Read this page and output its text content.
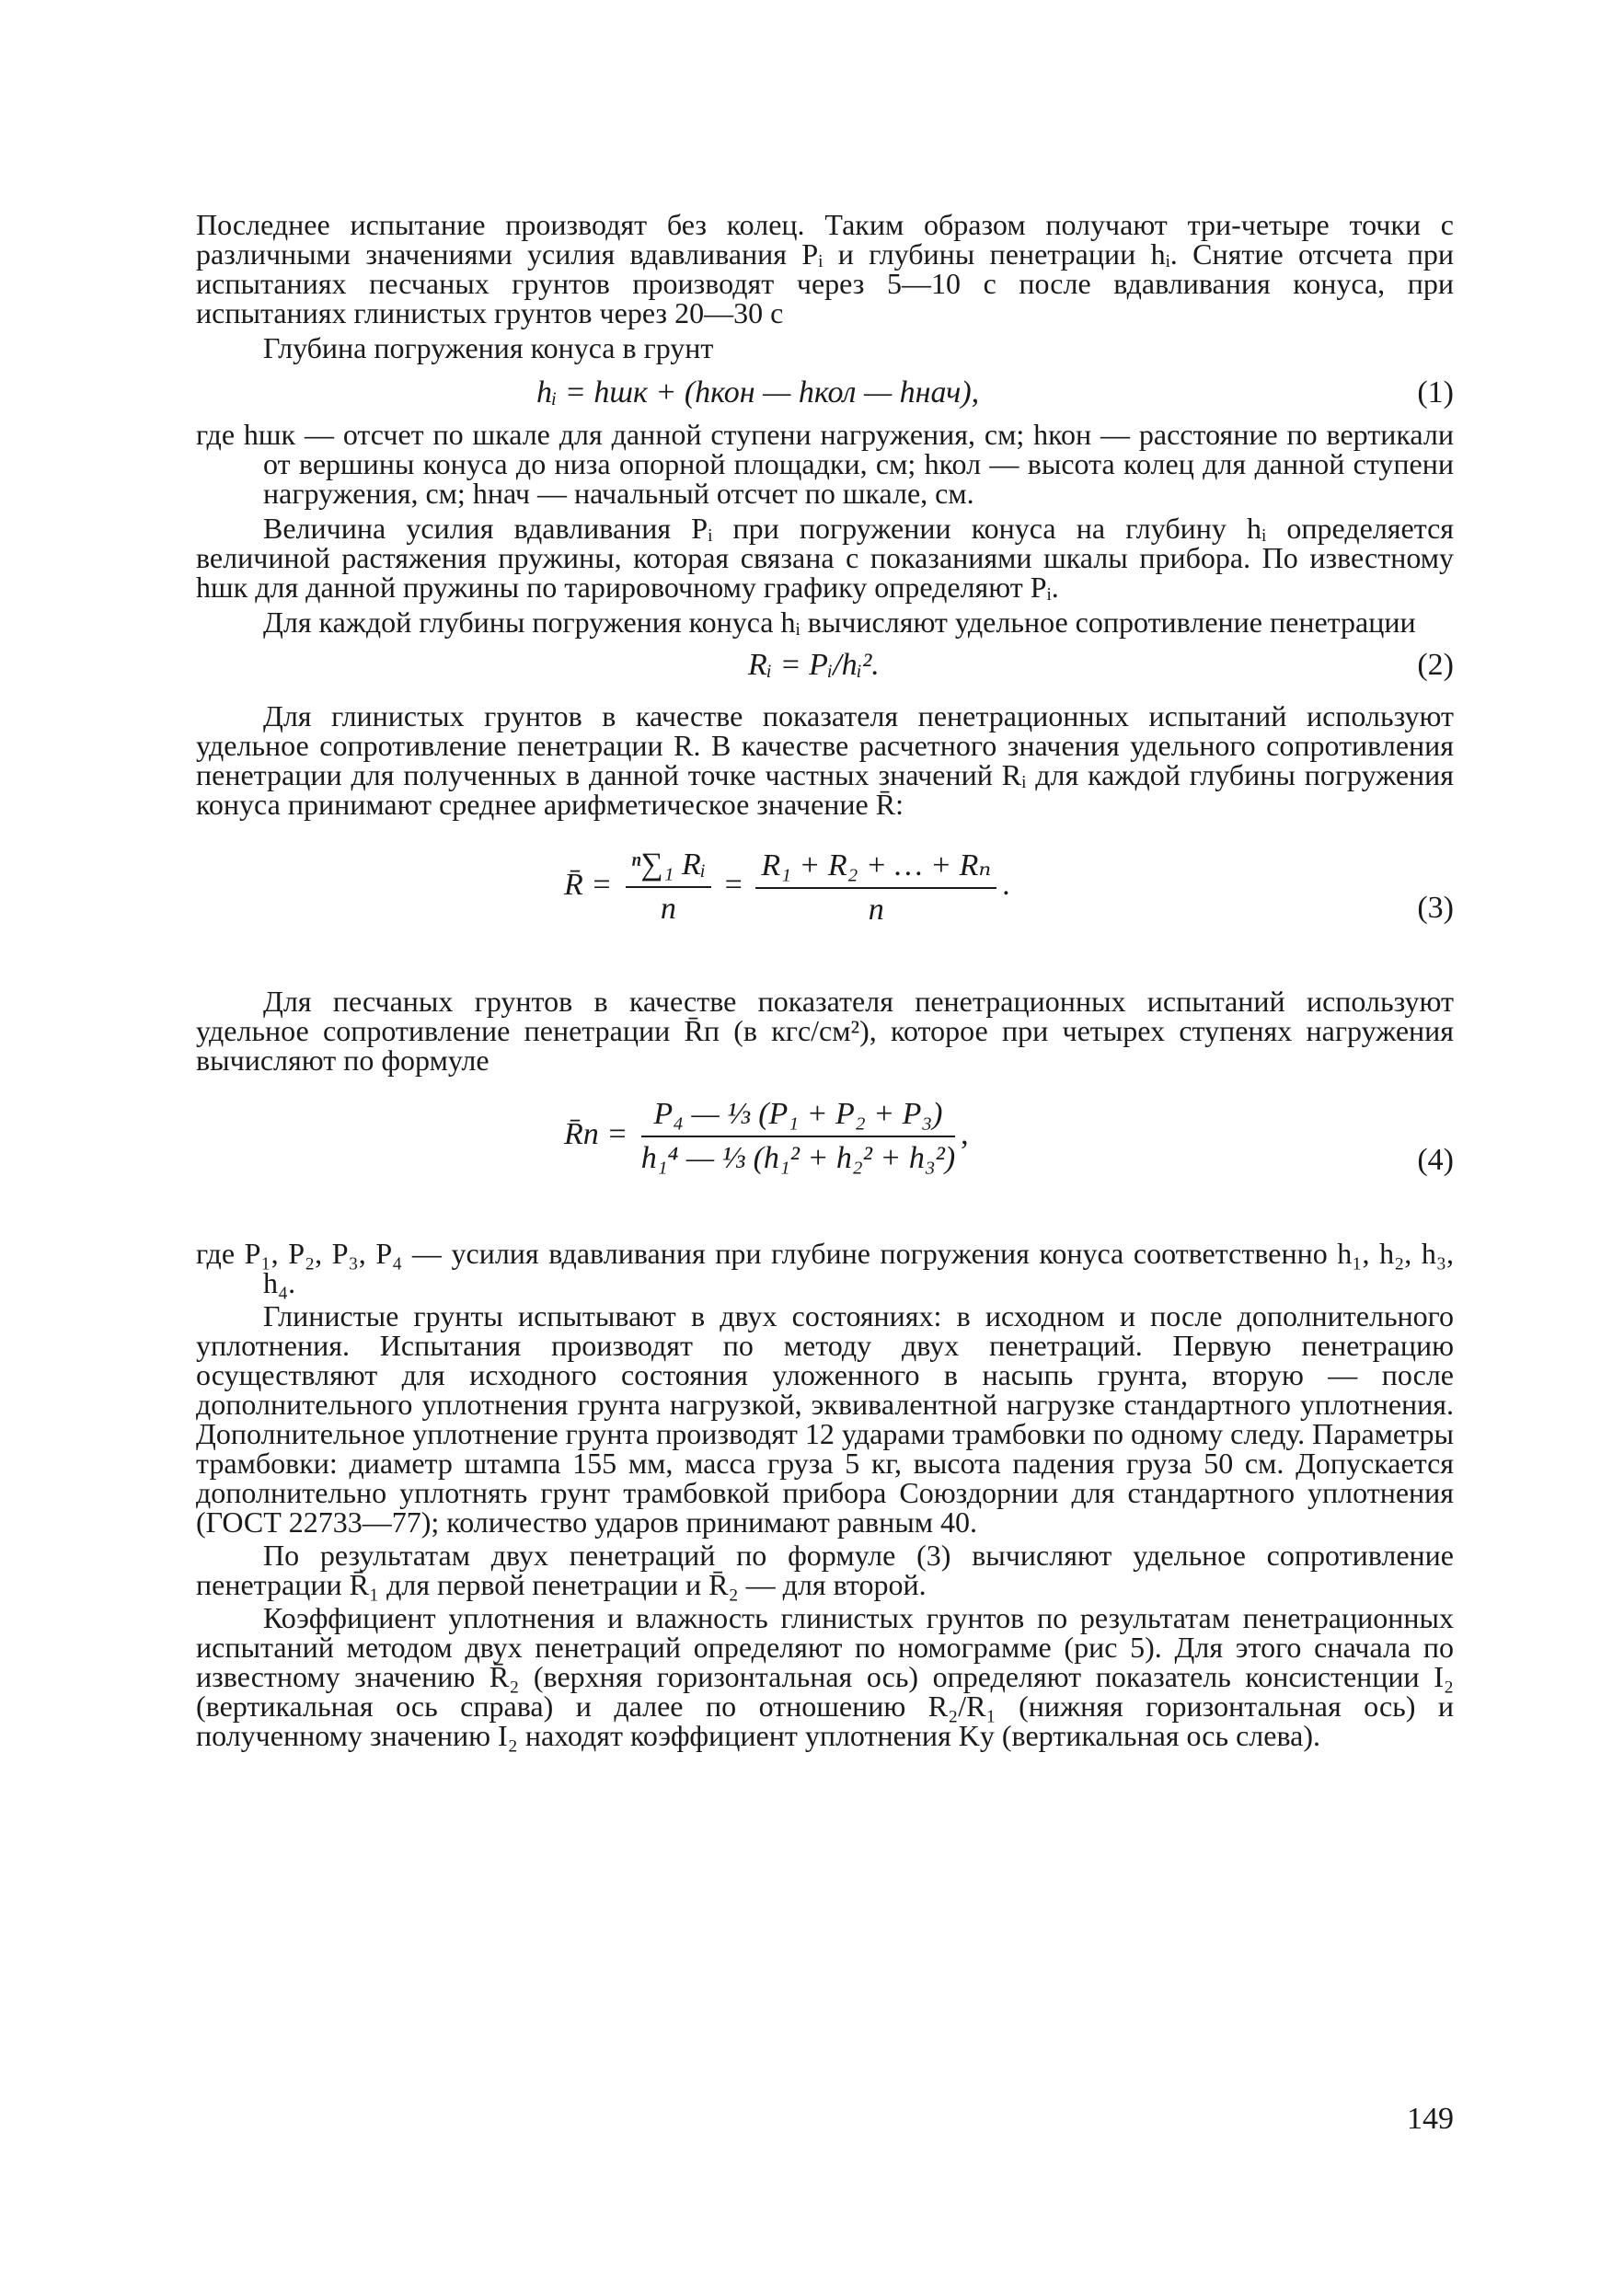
Последнее испытание производят без колец. Таким образом получают три-четыре точки с различными значениями усилия вдавливания Pᵢ и глубины пенетрации hᵢ. Снятие отсчета при испытаниях песчаных грунтов производят через 5—10 с после вдавливания конуса, при испытаниях глинистых грунтов через 20—30 с

Глубина погружения конуса в грунт

hᵢ = hшк + (hкон — hкол — hнач),	(1)

где hшк — отсчет по шкале для данной ступени нагружения, см; hкон — расстояние по вертикали от вершины конуса до низа опорной площадки, см; hкол — высота колец для данной ступени нагружения, см; hнач — начальный отсчет по шкале, см.

Величина усилия вдавливания Pᵢ при погружении конуса на глубину hᵢ определяется величиной растяжения пружины, которая связана с показаниями шкалы прибора. По известному hшк для данной пружины по тарировочному графику определяют Pᵢ.

Для каждой глубины погружения конуса hᵢ вычисляют удельное сопротивление пенетрации

Rᵢ = Pᵢ/hᵢ².	(2)

Для глинистых грунтов в качестве показателя пенетрационных испытаний используют удельное сопротивление пенетрации R. В качестве расчетного значения удельного сопротивления пенетрации для полученных в данной точке частных значений Rᵢ для каждой глубины погружения конуса принимают среднее арифметическое значение R̄:

R̄ = $\frac{\text{ⁿ∑₁ Rᵢ}}{n} = \frac{\text{R₁ + R₂ + … + Rₙ}}{n}$ .
(3)

Для песчаных грунтов в качестве показателя пенетрационных испытаний используют удельное сопротивление пенетрации R̄п (в кгс/см²), которое при четырех ступенях нагружения вычисляют по формуле

R̄п = $\frac{\text{P₄ — ⅓ (P₁ + P₂ + P₃)}}{\text{h₁⁴ — ⅓ (h₁² + h₂² + h₃²)}}$ ,
(4)

где P₁, P₂, P₃, P₄ — усилия вдавливания при глубине погружения конуса соответственно h₁, h₂, h₃, h₄.

Глинистые грунты испытывают в двух состояниях: в исходном и после дополнительного уплотнения. Испытания производят по методу двух пенетраций. Первую пенетрацию осуществляют для исходного состояния уложенного в насыпь грунта, вторую — после дополнительного уплотнения грунта нагрузкой, эквивалентной нагрузке стандартного уплотнения. Дополнительное уплотнение грунта производят 12 ударами трамбовки по одному следу. Параметры трамбовки: диаметр штампа 155 мм, масса груза 5 кг, высота падения груза 50 см. Допускается дополнительно уплотнять грунт трамбовкой прибора Союздорнии для стандартного уплотнения (ГОСТ 22733—77); количество ударов принимают равным 40.

По результатам двух пенетраций по формуле (3) вычисляют удельное сопротивление пенетрации R̄₁ для первой пенетрации и R̄₂ — для второй.

Коэффициент уплотнения и влажность глинистых грунтов по результатам пенетрационных испытаний методом двух пенетраций определяют по номограмме (рис 5). Для этого сначала по известному значению R̄₂ (верхняя горизонтальная ось) определяют показатель консистенции I₂ (вертикальная ось справа) и далее по отношению R₂/R₁ (нижняя горизонтальная ось) и полученному значению I₂ находят коэффициент уплотнения Kу (вертикальная ось слева).

149
